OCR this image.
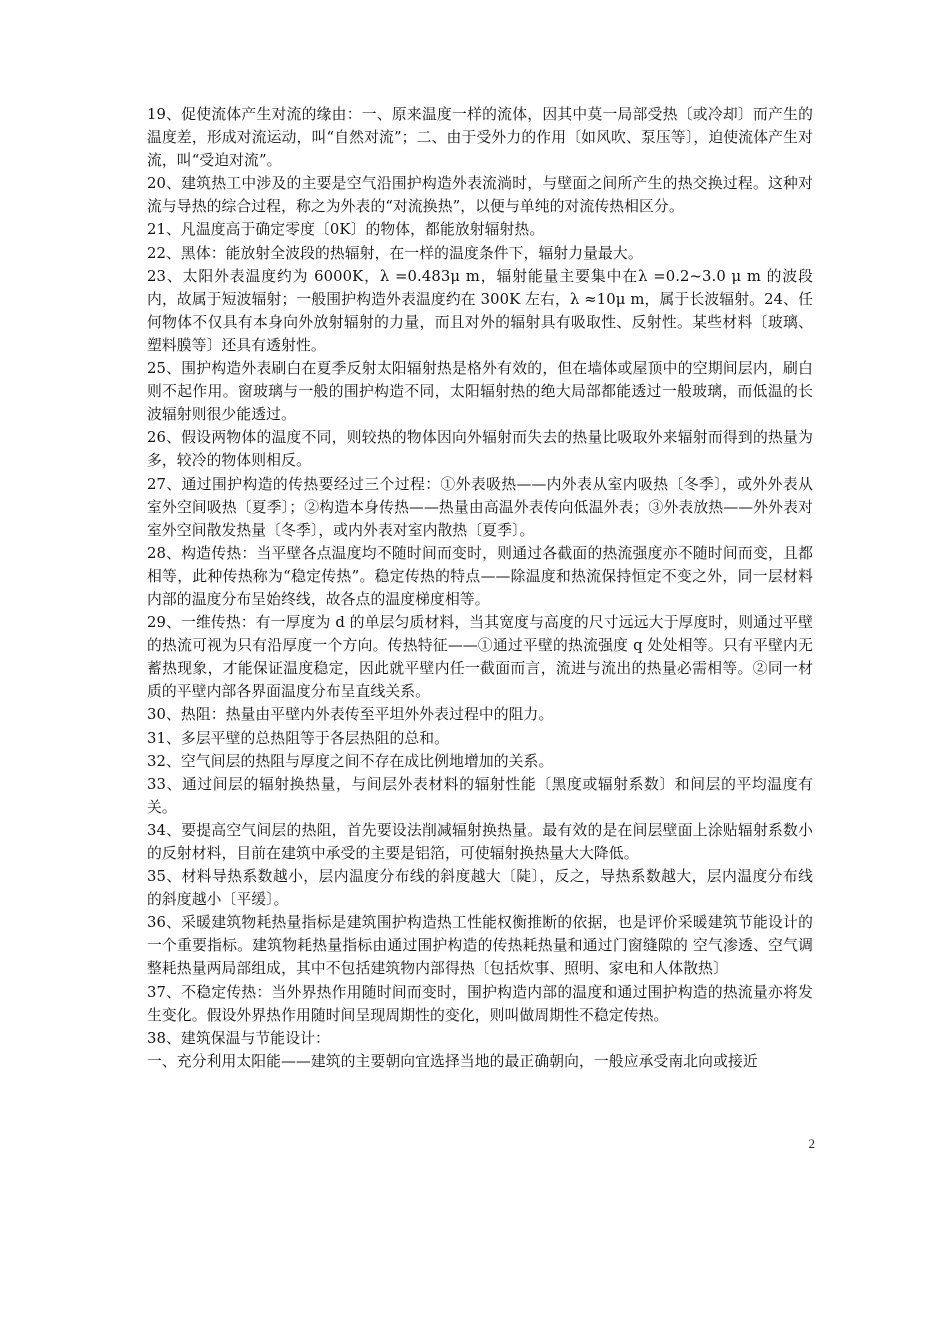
19、促使流体产生对流的缘由：一、原来温度一样的流体，因其中莫一局部受热〔或冷却〕而产生的温度差，形成对流运动，叫“自然对流”；二、由于受外力的作用〔如风吹、泵压等〕，迫使流体产生对流，叫“受迫对流”。

20、建筑热工中涉及的主要是空气沿围护构造外表流淌时，与壁面之间所产生的热交换过程。这种对流与导热的综合过程，称之为外表的“对流换热”，以便与单纯的对流传热相区分。

21、凡温度高于确定零度〔0K〕的物体，都能放射辐射热。

22、黑体：能放射全波段的热辐射，在一样的温度条件下，辐射力量最大。

23、太阳外表温度约为 6000K，λ =0.483μ m，辐射能量主要集中在λ =0.2~3.0 μ m 的波段内，故属于短波辐射；一般围护构造外表温度约在 300K 左右，λ ≈10μ m，属于长波辐射。24、任何物体不仅具有本身向外放射辐射的力量，而且对外的辐射具有吸取性、反射性。某些材料〔玻璃、塑料膜等〕还具有透射性。

25、围护构造外表刷白在夏季反射太阳辐射热是格外有效的，但在墙体或屋顶中的空期间层内，刷白则不起作用。窗玻璃与一般的围护构造不同，太阳辐射热的绝大局部都能透过一般玻璃，而低温的长波辐射则很少能透过。

26、假设两物体的温度不同，则较热的物体因向外辐射而失去的热量比吸取外来辐射而得到的热量为多，较冷的物体则相反。

27、通过围护构造的传热要经过三个过程：①外表吸热——内外表从室内吸热〔冬季〕，或外外表从室外空间吸热〔夏季〕；②构造本身传热——热量由高温外表传向低温外表；③外表放热——外外表对室外空间散发热量〔冬季〕，或内外表对室内散热〔夏季〕。

28、构造传热：当平壁各点温度均不随时间而变时，则通过各截面的热流强度亦不随时间而变，且都相等，此种传热称为“稳定传热”。稳定传热的特点——除温度和热流保持恒定不变之外，同一层材料内部的温度分布呈始终线，故各点的温度梯度相等。

29、一维传热：有一厚度为 d 的单层匀质材料，当其宽度与高度的尺寸远远大于厚度时，则通过平壁的热流可视为只有沿厚度一个方向。传热特征——①通过平壁的热流强度 q 处处相等。只有平壁内无蓄热现象，才能保证温度稳定，因此就平壁内任一截面而言，流进与流出的热量必需相等。②同一材质的平壁内部各界面温度分布呈直线关系。

30、热阻：热量由平壁内外表传至平坦外外表过程中的阻力。

31、多层平壁的总热阻等于各层热阻的总和。

32、空气间层的热阻与厚度之间不存在成比例地增加的关系。

33、通过间层的辐射换热量，与间层外表材料的辐射性能〔黑度或辐射系数〕和间层的平均温度有关。

34、要提高空气间层的热阻，首先要设法削减辐射换热量。最有效的是在间层壁面上涂贴辐射系数小的反射材料，目前在建筑中承受的主要是铝箔，可使辐射换热量大大降低。

35、材料导热系数越小，层内温度分布线的斜度越大〔陡〕，反之，导热系数越大，层内温度分布线的斜度越小〔平缓〕。

36、采暖建筑物耗热量指标是建筑围护构造热工性能权衡推断的依据，也是评价采暖建筑节能设计的一个重要指标。建筑物耗热量指标由通过围护构造的传热耗热量和通过门窗缝隙的 空气渗透、空气调整耗热量两局部组成，其中不包括建筑物内部得热〔包括炊事、照明、家电和人体散热〕

37、不稳定传热：当外界热作用随时间而变时，围护构造内部的温度和通过围护构造的热流量亦将发生变化。假设外界热作用随时间呈现周期性的变化，则叫做周期性不稳定传热。

38、建筑保温与节能设计：

一、充分利用太阳能——建筑的主要朝向宜选择当地的最正确朝向，一般应承受南北向或接近

2
